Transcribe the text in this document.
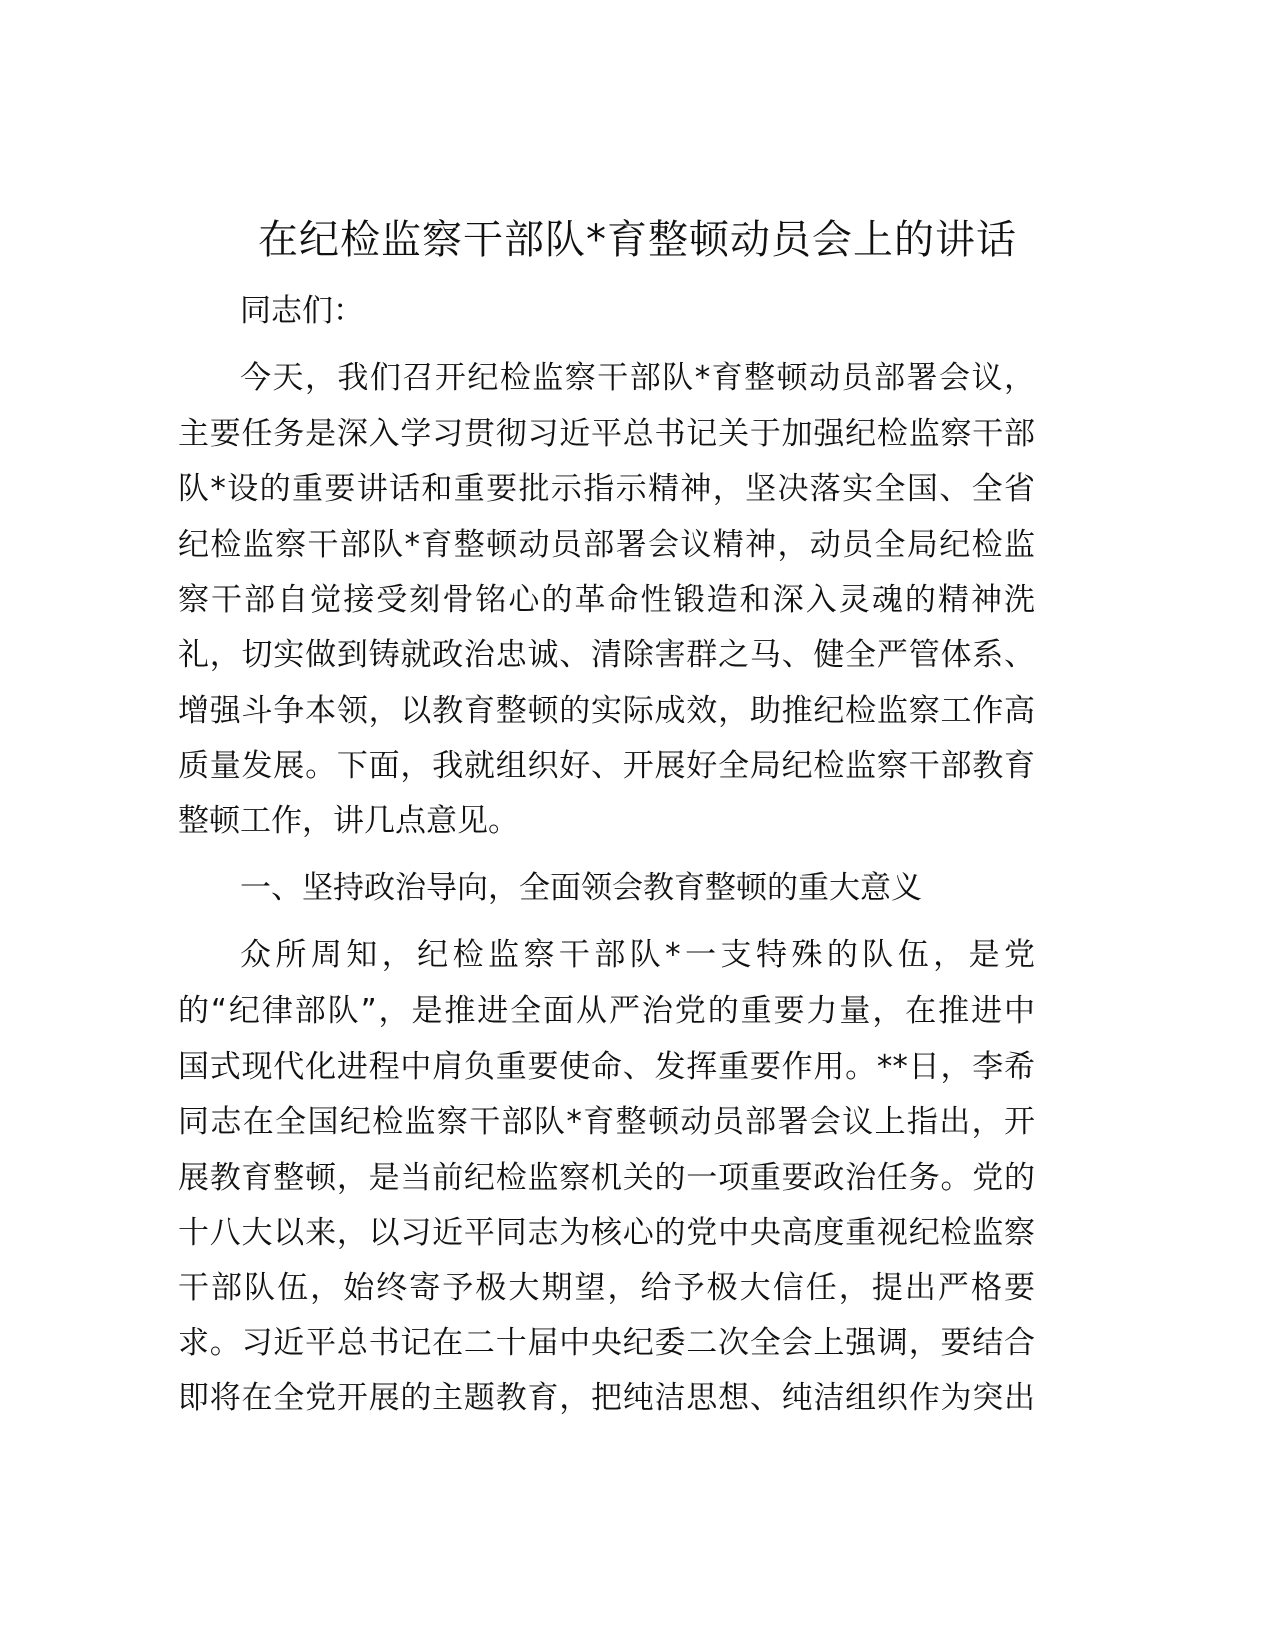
在纪检监察干部队*育整顿动员会上的讲话
同志们：
今天，我们召开纪检监察干部队*育整顿动员部署会议，
主要任务是深入学习贯彻习近平总书记关于加强纪检监察干部
队*设的重要讲话和重要批示指示精神，坚决落实全国、全省
纪检监察干部队*育整顿动员部署会议精神，动员全局纪检监
察干部自觉接受刻骨铭心的革命性锻造和深入灵魂的精神洗
礼，切实做到铸就政治忠诚、清除害群之马、健全严管体系、
增强斗争本领，以教育整顿的实际成效，助推纪检监察工作高
质量发展。下面，我就组织好、开展好全局纪检监察干部教育
整顿工作，讲几点意见。
一、坚持政治导向，全面领会教育整顿的重大意义
众所周知，纪检监察干部队*一支特殊的队伍，是党
的“纪律部队”，是推进全面从严治党的重要力量，在推进中
国式现代化进程中肩负重要使命、发挥重要作用。**日，李希
同志在全国纪检监察干部队*育整顿动员部署会议上指出，开
展教育整顿，是当前纪检监察机关的一项重要政治任务。党的
十八大以来，以习近平同志为核心的党中央高度重视纪检监察
干部队伍，始终寄予极大期望，给予极大信任，提出严格要
求。习近平总书记在二十届中央纪委二次全会上强调，要结合
即将在全党开展的主题教育，把纯洁思想、纯洁组织作为突出
